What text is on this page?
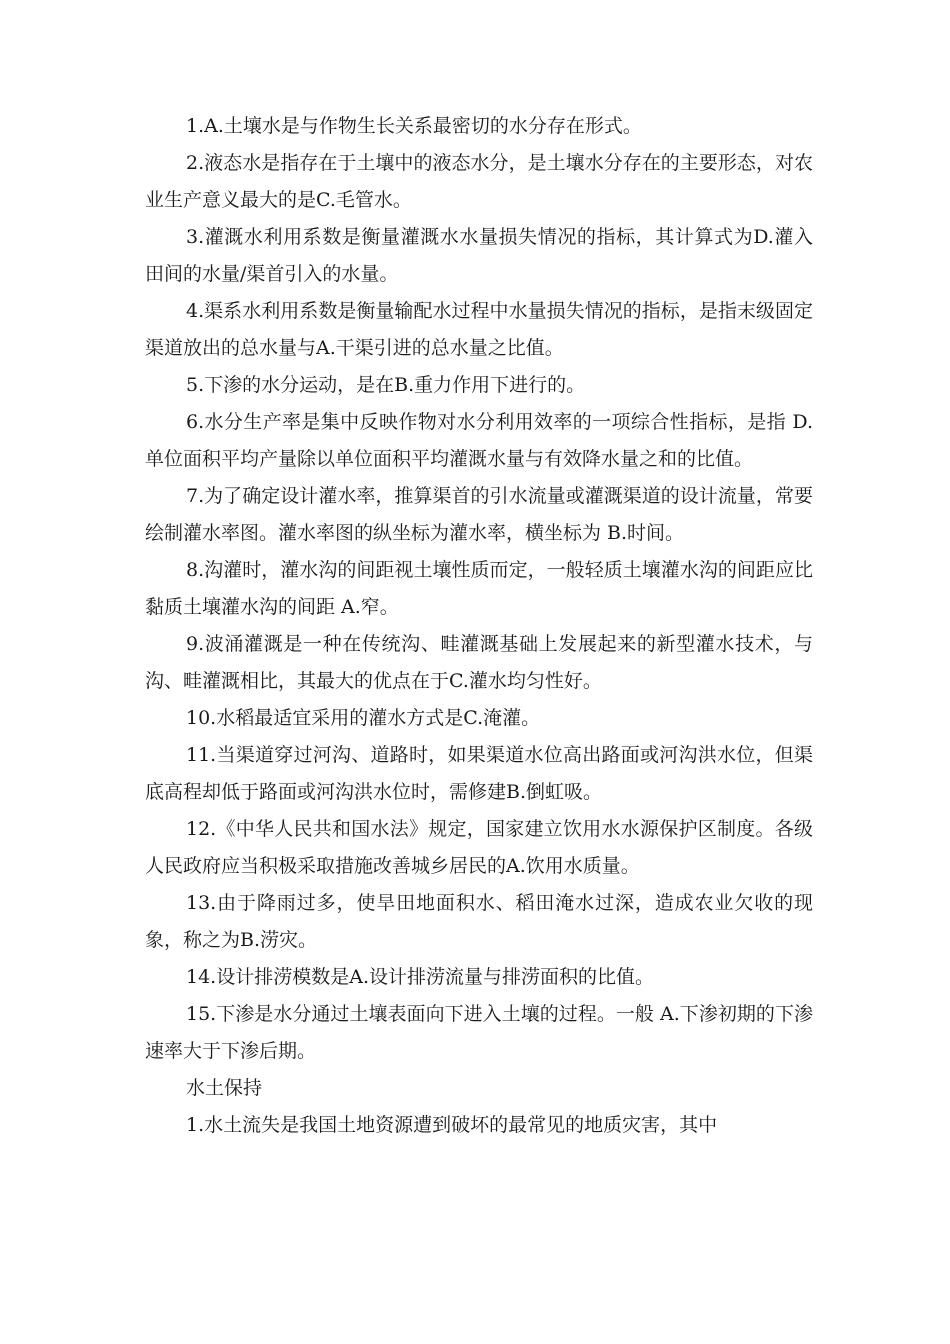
1.A.土壤水是与作物生长关系最密切的水分存在形式。

2.液态水是指存在于土壤中的液态水分，是土壤水分存在的主要形态，对农业生产意义最大的是C.毛管水。

3.灌溉水利用系数是衡量灌溉水水量损失情况的指标，其计算式为D.灌入田间的水量/渠首引入的水量。

4.渠系水利用系数是衡量输配水过程中水量损失情况的指标，是指末级固定渠道放出的总水量与A.干渠引进的总水量之比值。

5.下渗的水分运动，是在B.重力作用下进行的。

6.水分生产率是集中反映作物对水分利用效率的一项综合性指标，是指 D.单位面积平均产量除以单位面积平均灌溉水量与有效降水量之和的比值。

7.为了确定设计灌水率，推算渠首的引水流量或灌溉渠道的设计流量，常要绘制灌水率图。灌水率图的纵坐标为灌水率，横坐标为 B.时间。

8.沟灌时，灌水沟的间距视土壤性质而定，一般轻质土壤灌水沟的间距应比黏质土壤灌水沟的间距 A.窄。

9.波涌灌溉是一种在传统沟、畦灌溉基础上发展起来的新型灌水技术，与沟、畦灌溉相比，其最大的优点在于C.灌水均匀性好。

10.水稻最适宜采用的灌水方式是C.淹灌。

11.当渠道穿过河沟、道路时，如果渠道水位高出路面或河沟洪水位，但渠底高程却低于路面或河沟洪水位时，需修建B.倒虹吸。

12.《中华人民共和国水法》规定，国家建立饮用水水源保护区制度。各级人民政府应当积极采取措施改善城乡居民的A.饮用水质量。

13.由于降雨过多，使旱田地面积水、稻田淹水过深，造成农业欠收的现象，称之为B.涝灾。

14.设计排涝模数是A.设计排涝流量与排涝面积的比值。

15.下渗是水分通过土壤表面向下进入土壤的过程。一般 A.下渗初期的下渗速率大于下渗后期。

水土保持

1.水土流失是我国土地资源遭到破坏的最常见的地质灾害，其中
